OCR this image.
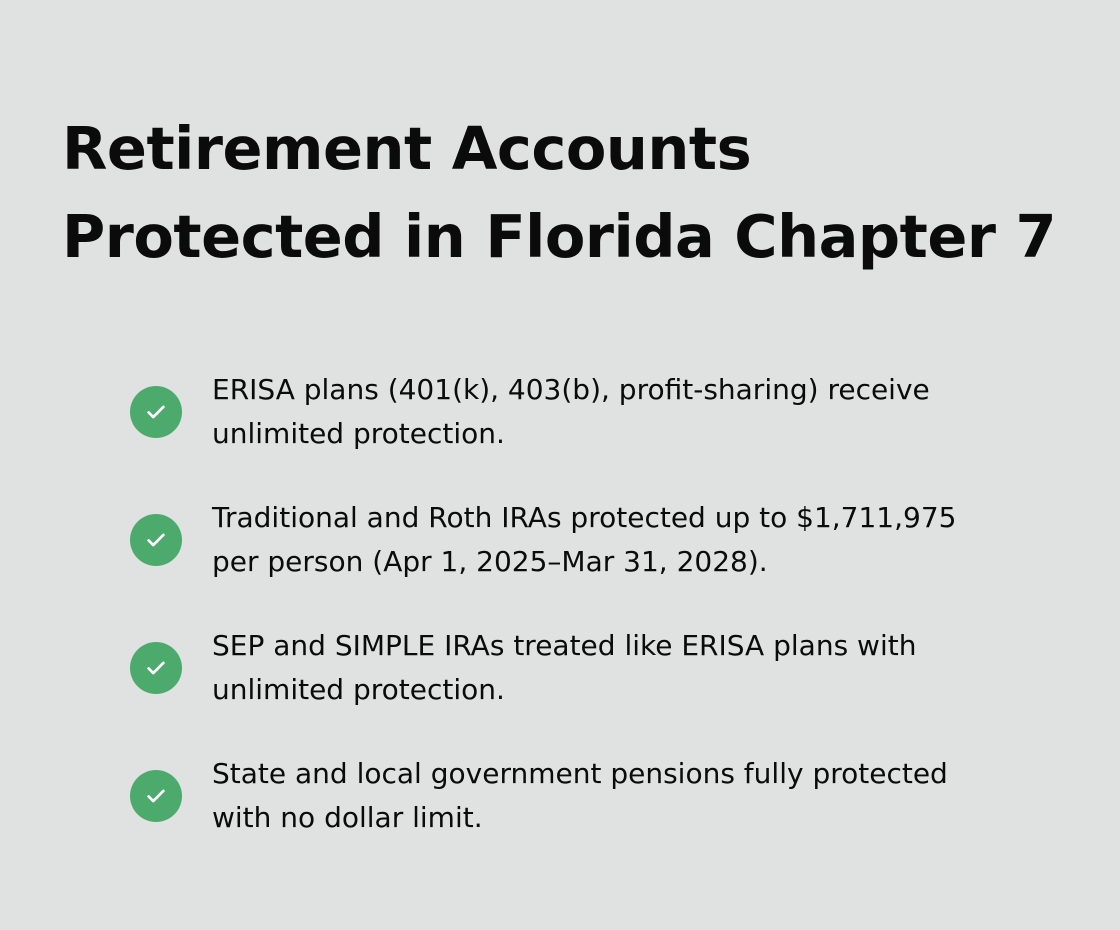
Retirement Accounts
Protected in Florida Chapter 7
ERISA plans (401(k), 403(b), profit-sharing) receive
unlimited protection.
Traditional and Roth IRAs protected up to $1,711,975
per person (Apr 1, 2025–Mar 31, 2028).
SEP and SIMPLE IRAs treated like ERISA plans with
unlimited protection.
State and local government pensions fully protected
with no dollar limit.
